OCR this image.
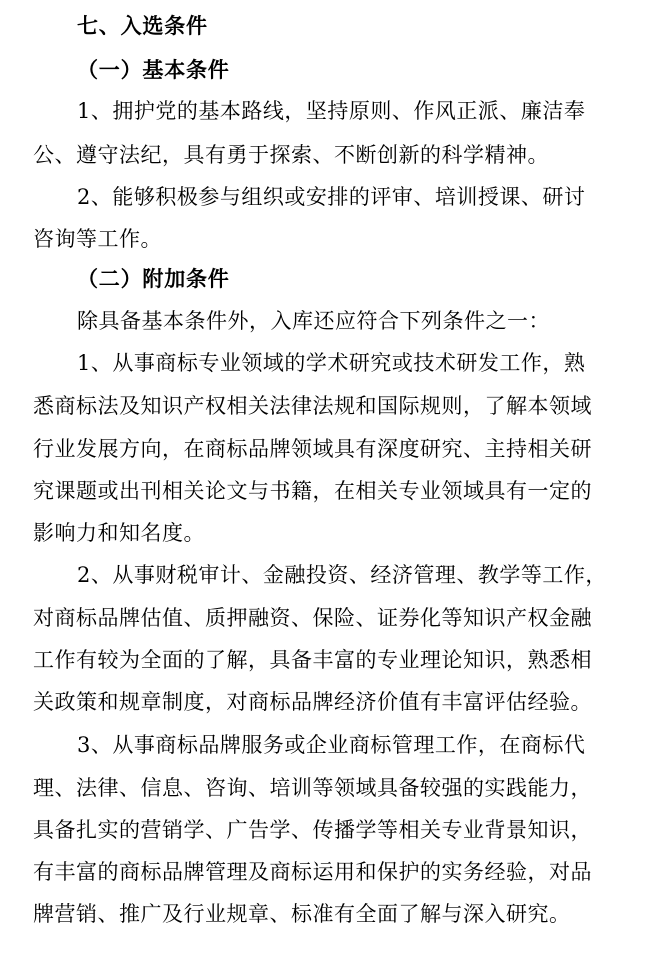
七、入选条件

（一）基本条件

1、拥护党的基本路线，坚持原则、作风正派、廉洁奉

公、遵守法纪，具有勇于探索、不断创新的科学精神。

2、能够积极参与组织或安排的评审、培训授课、研讨

咨询等工作。

（二）附加条件

除具备基本条件外，入库还应符合下列条件之一：

1、从事商标专业领域的学术研究或技术研发工作，熟

悉商标法及知识产权相关法律法规和国际规则，了解本领域

行业发展方向，在商标品牌领域具有深度研究、主持相关研

究课题或出刊相关论文与书籍，在相关专业领域具有一定的

影响力和知名度。

2、从事财税审计、金融投资、经济管理、教学等工作，

对商标品牌估值、质押融资、保险、证券化等知识产权金融

工作有较为全面的了解，具备丰富的专业理论知识，熟悉相

关政策和规章制度，对商标品牌经济价值有丰富评估经验。

3、从事商标品牌服务或企业商标管理工作，在商标代

理、法律、信息、咨询、培训等领域具备较强的实践能力，

具备扎实的营销学、广告学、传播学等相关专业背景知识，

有丰富的商标品牌管理及商标运用和保护的实务经验，对品

牌营销、推广及行业规章、标准有全面了解与深入研究。
